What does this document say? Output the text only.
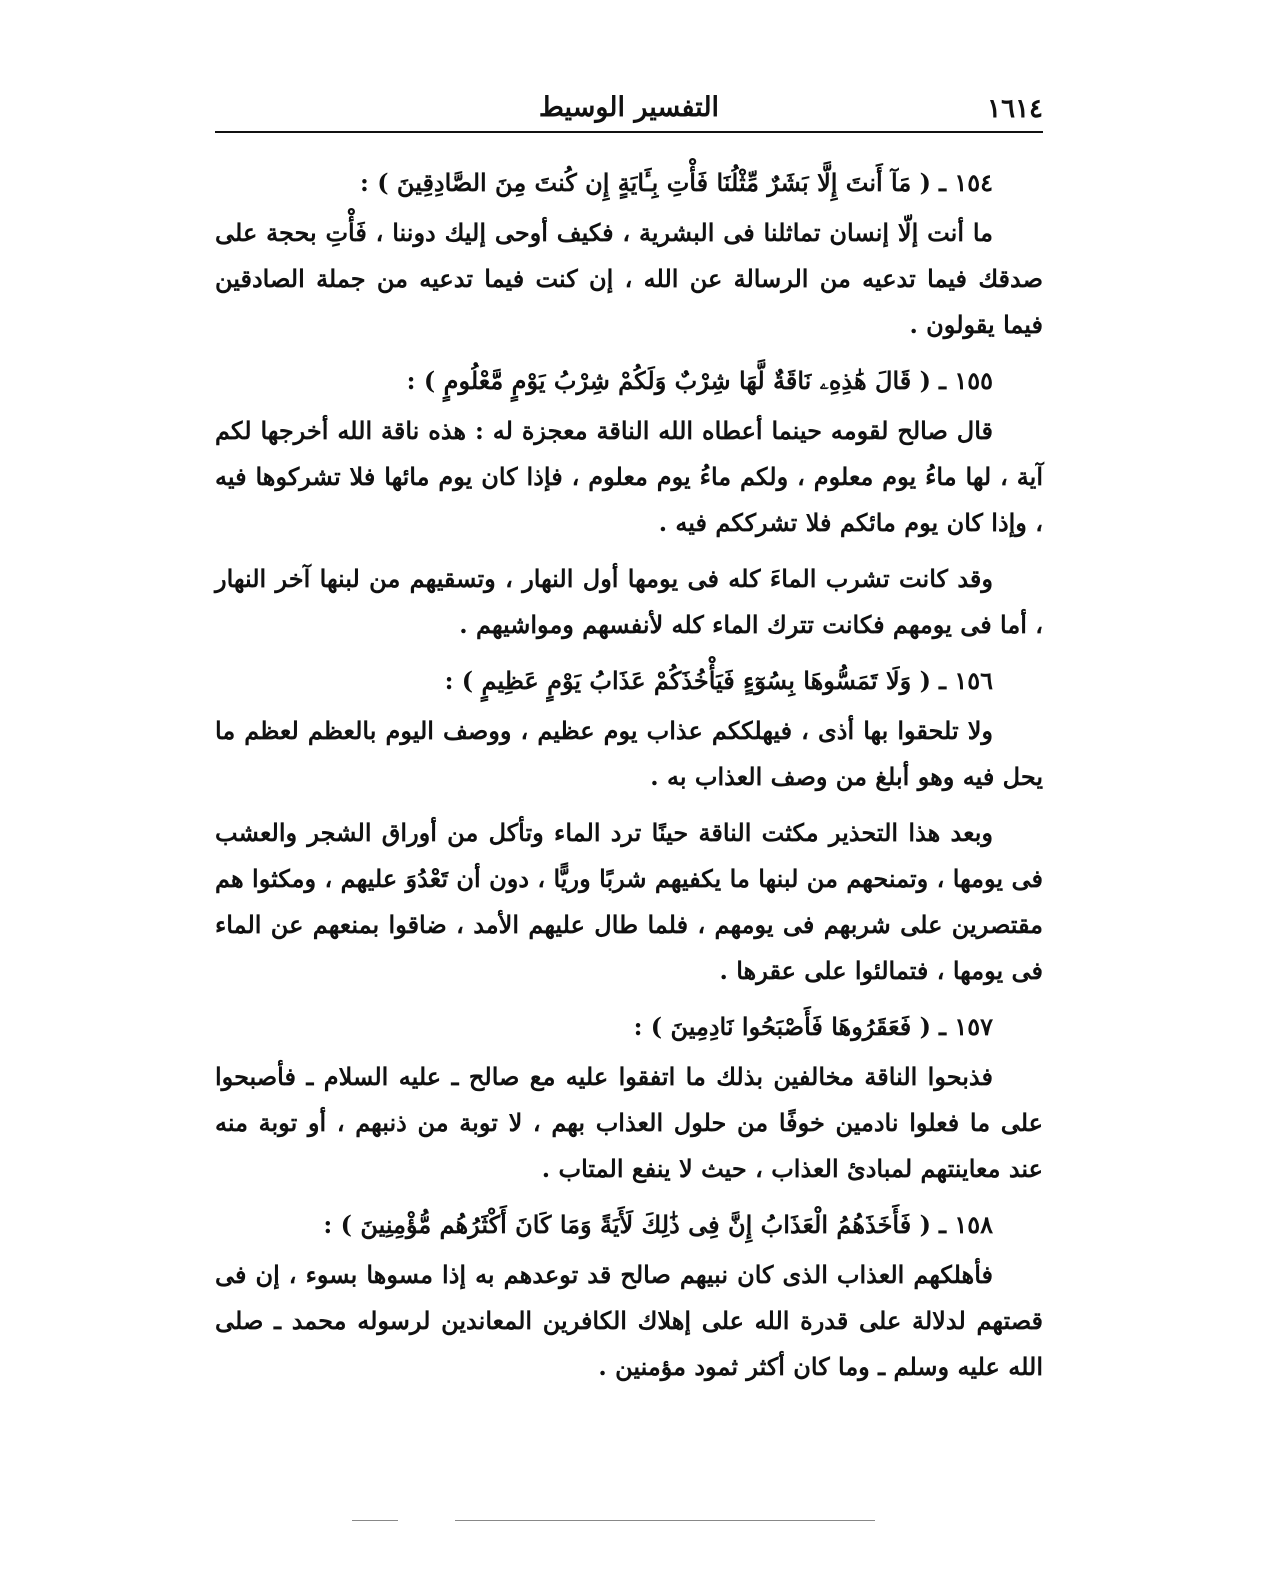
١٦١٤
التفسير الوسيط

١٥٤ ـ( مَآ أَنتَ إِلَّا بَشَرٌ مِّثْلُنَا فَأْتِ بِـَٔايَةٍ إِن كُنتَ مِنَ الصَّادِقِينَ ) :

ما أنت إلّا إنسان تماثلنا فى البشرية ، فكيف أوحى إليك دوننا ، فَأْتِ بحجة على صدقك فيما تدعيه من الرسالة عن الله ، إن كنت فيما تدعيه من جملة الصادقين فيما يقولون .

١٥٥ ـ( قَالَ هَٰذِهِۦ نَاقَةٌ لَّهَا شِرْبٌ وَلَكُمْ شِرْبُ يَوْمٍ مَّعْلُومٍ ) :

قال صالح لقومه حينما أعطاه الله الناقة معجزة له : هذه ناقة الله أخرجها لكم آية ، لها ماءُ يوم معلوم ، ولكم ماءُ يوم معلوم ، فإذا كان يوم مائها فلا تشركوها فيه ، وإذا كان يوم مائكم فلا تشرككم فيه .

وقد كانت تشرب الماءَ كله فى يومها أول النهار ، وتسقيهم من لبنها آخر النهار ، أما فى يومهم فكانت تترك الماء كله لأنفسهم ومواشيهم .

١٥٦ ـ( وَلَا تَمَسُّوهَا بِسُوٓءٍ فَيَأْخُذَكُمْ عَذَابُ يَوْمٍ عَظِيمٍ ) :

ولا تلحقوا بها أذى ، فيهلككم عذاب يوم عظيم ، ووصف اليوم بالعظم لعظم ما يحل فيه وهو أبلغ من وصف العذاب به .

وبعد هذا التحذير مكثت الناقة حينًا ترد الماء وتأكل من أوراق الشجر والعشب فى يومها ، وتمنحهم من لبنها ما يكفيهم شربًا وريًّا ، دون أن تَعْدُوَ عليهم ، ومكثوا هم مقتصرين على شربهم فى يومهم ، فلما طال عليهم الأمد ، ضاقوا بمنعهم عن الماء فى يومها ، فتمالئوا على عقرها .

١٥٧ ـ( فَعَقَرُوهَا فَأَصْبَحُوا نَادِمِينَ ) :

فذبحوا الناقة مخالفين بذلك ما اتفقوا عليه مع صالح ـ عليه السلام ـ فأصبحوا على ما فعلوا نادمين خوفًا من حلول العذاب بهم ، لا توبة من ذنبهم ، أو توبة منه عند معاينتهم لمبادئ العذاب ، حيث لا ينفع المتاب .

١٥٨ ـ( فَأَخَذَهُمُ الْعَذَابُ إِنَّ فِى ذَٰلِكَ لَأَيَةً وَمَا كَانَ أَكْثَرُهُم مُّؤْمِنِينَ ) :

فأهلكهم العذاب الذى كان نبيهم صالح قد توعدهم به إذا مسوها بسوء ، إن فى قصتهم لدلالة على قدرة الله على إهلاك الكافرين المعاندين لرسوله محمد ـ صلى الله عليه وسلم ـ وما كان أكثر ثمود مؤمنين .
